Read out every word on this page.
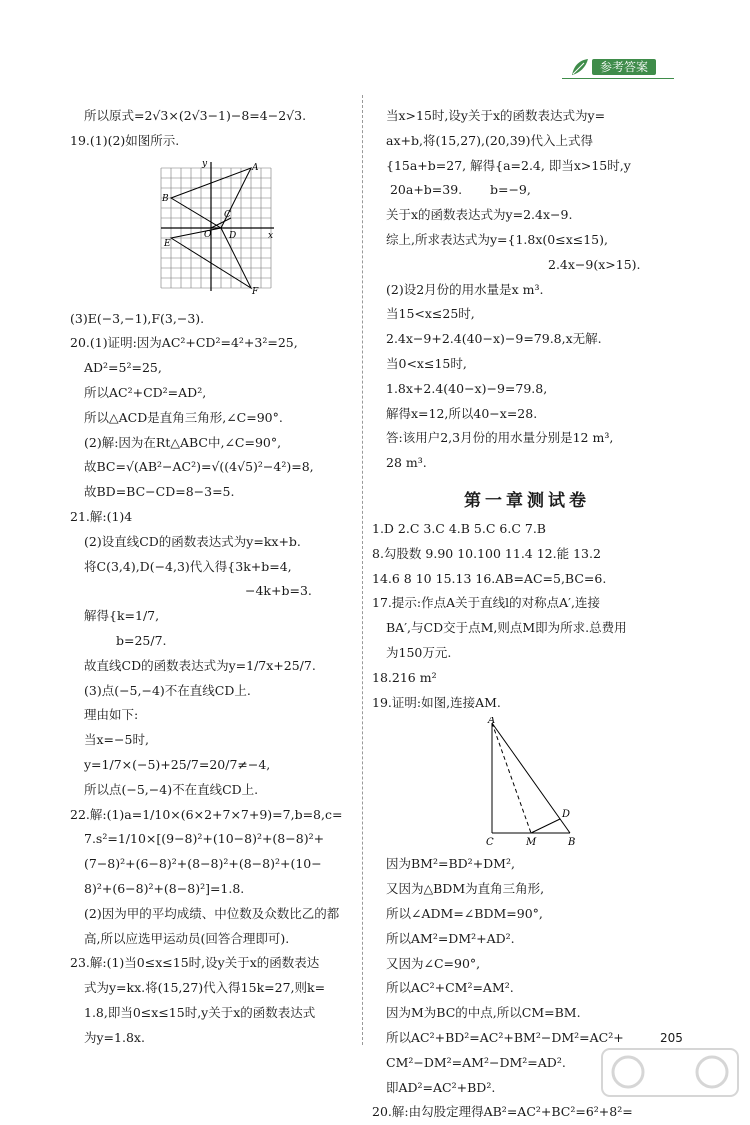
参考答案
所以原式=2√3×(2√3−1)−8=4−2√3.
19.(1)(2)如图所示.
y
x
O
A
B
C
D
E
F
(3)E(−3,−1),F(3,−3).
20.(1)证明:因为AC²+CD²=4²+3²=25,
AD²=5²=25,
所以AC²+CD²=AD²,
所以△ACD是直角三角形,∠C=90°.
(2)解:因为在Rt△ABC中,∠C=90°,
故BC=√(AB²−AC²)=√((4√5)²−4²)=8,
故BD=BC−CD=8−3=5.
21.解:(1)4
(2)设直线CD的函数表达式为y=kx+b.
将C(3,4),D(−4,3)代入得{3k+b=4,
−4k+b=3.
解得{k=1/7,
b=25/7.
故直线CD的函数表达式为y=1/7x+25/7.
(3)点(−5,−4)不在直线CD上.
理由如下:
当x=−5时,
y=1/7×(−5)+25/7=20/7≠−4,
所以点(−5,−4)不在直线CD上.
22.解:(1)a=1/10×(6×2+7×7+9)=7,b=8,c=
7.s²=1/10×[(9−8)²+(10−8)²+(8−8)²+
(7−8)²+(6−8)²+(8−8)²+(8−8)²+(10−
8)²+(6−8)²+(8−8)²]=1.8.
(2)因为甲的平均成绩、中位数及众数比乙的都
高,所以应选甲运动员(回答合理即可).
23.解:(1)当0≤x≤15时,设y关于x的函数表达
式为y=kx.将(15,27)代入得15k=27,则k=
1.8,即当0≤x≤15时,y关于x的函数表达式
为y=1.8x.
当x>15时,设y关于x的函数表达式为y=
ax+b,将(15,27),(20,39)代入上式得
{15a+b=27, 解得{a=2.4, 即当x>15时,y
20a+b=39.       b=−9,
关于x的函数表达式为y=2.4x−9.
综上,所求表达式为y={1.8x(0≤x≤15),
2.4x−9(x>15).
(2)设2月份的用水量是x m³.
当15<x≤25时,
2.4x−9+2.4(40−x)−9=79.8,x无解.
当0<x≤15时,
1.8x+2.4(40−x)−9=79.8,
解得x=12,所以40−x=28.
答:该用户2,3月份的用水量分别是12 m³,
28 m³.
第一章测试卷
1.D 2.C 3.C 4.B 5.C 6.C 7.B
8.勾股数 9.90 10.100 11.4 12.能 13.2
14.6 8 10 15.13 16.AB=AC=5,BC=6.
17.提示:作点A关于直线l的对称点A′,连接
BA′,与CD交于点M,则点M即为所求.总费用
为150万元.
18.216 m²
19.证明:如图,连接AM.
A
C	M	B
D
因为BM²=BD²+DM²,
又因为△BDM为直角三角形,
所以∠ADM=∠BDM=90°,
所以AM²=DM²+AD².
又因为∠C=90°,
所以AC²+CM²=AM².
因为M为BC的中点,所以CM=BM.
所以AC²+BD²=AC²+BM²−DM²=AC²+
CM²−DM²=AM²−DM²=AD².
即AD²=AC²+BD².
20.解:由勾股定理得AB²=AC²+BC²=6²+8²=
205
